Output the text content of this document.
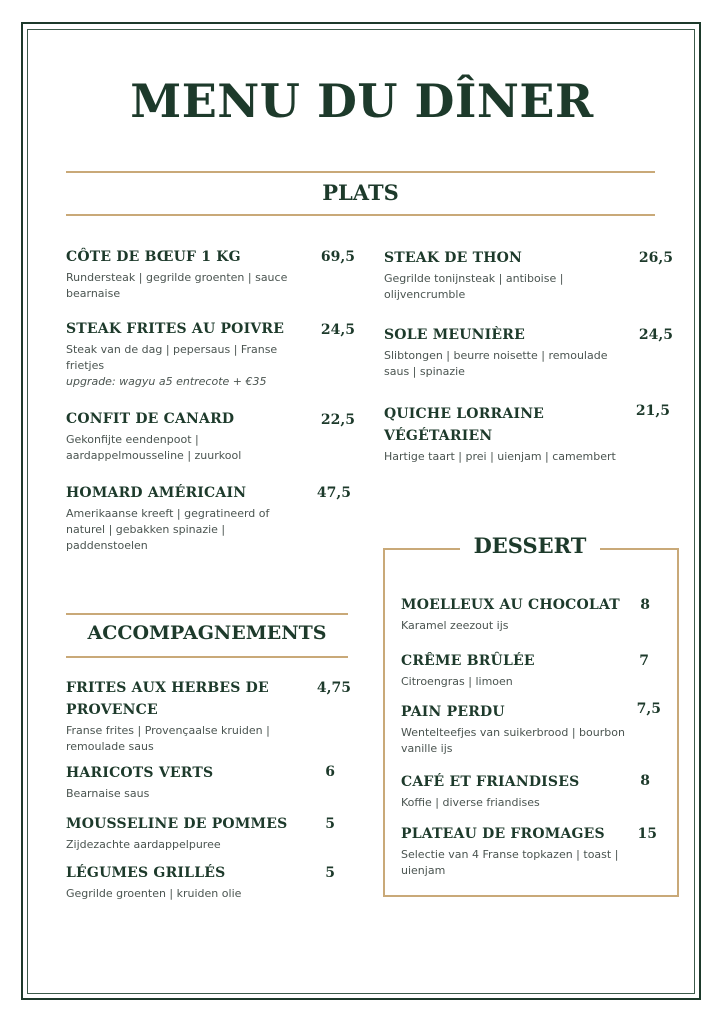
MENU DU DÎNER
PLATS
CÔTE DE BŒUF 1 KG
Rundersteak | gegrilde groenten | sauce bearnaise
69,5
STEAK FRITES AU POIVRE
Steak van de dag | pepersaus | Franse frietjes
upgrade: wagyu a5 entrecote + €35
24,5
CONFIT DE CANARD
Gekonfijte eendenpoot | aardappelmousseline | zuurkool
22,5
HOMARD AMÉRICAIN
Amerikaanse kreeft | gegratineerd of naturel | gebakken spinazie | paddenstoelen
47,5
STEAK DE THON
Gegrilde tonijnsteak | antiboise | olijvencrumble
26,5
SOLE MEUNIÈRE
Slibtongen | beurre noisette | remoulade saus | spinazie
24,5
QUICHE LORRAINE VÉGÉTARIEN
Hartige taart | prei | uienjam | camembert
21,5
ACCOMPAGNEMENTS
FRITES AUX HERBES DE PROVENCE
Franse frites | Provençaalse kruiden | remoulade saus
4,75
HARICOTS VERTS
Bearnaise saus
6
MOUSSELINE DE POMMES
Zijdezachte aardappelpuree
5
LÉGUMES GRILLÉS
Gegrilde groenten | kruiden olie
5
DESSERT
MOELLEUX AU CHOCOLAT
Karamel zeezout ijs
8
CRÊME BRÛLÉE
Citroengras | limoen
7
PAIN PERDU
Wentelteefjes van suikerbrood | bourbon vanille ijs
7,5
CAFÉ ET FRIANDISES
Koffie | diverse friandises
8
PLATEAU DE FROMAGES
Selectie van 4 Franse topkazen | toast | uienjam
15
